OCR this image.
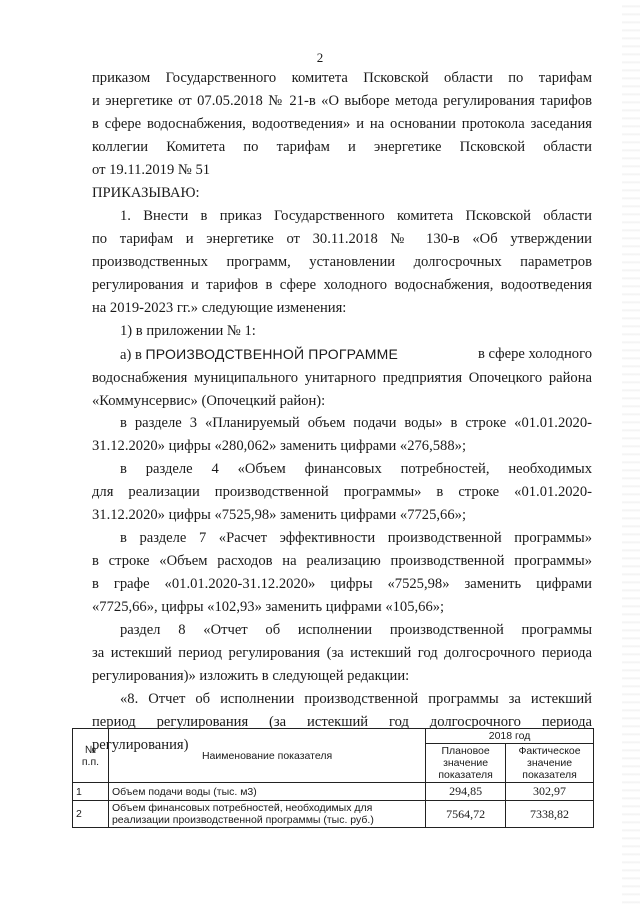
2
приказом Государственного комитета Псковской области по тарифам
и энергетике от 07.05.2018 № 21-в «О выборе метода регулирования тарифов
в сфере водоснабжения, водоотведения» и на основании протокола заседания
коллегии Комитета по тарифам и энергетике Псковской области
от 19.11.2019 № 51
ПРИКАЗЫВАЮ:
1. Внести в приказ Государственного комитета Псковской области
по тарифам и энергетике от 30.11.2018 № 130-в «Об утверждении
производственных программ, установлении долгосрочных параметров
регулирования и тарифов в сфере холодного водоснабжения, водоотведения
на 2019-2023 гг.» следующие изменения:
1) в приложении № 1:
а) в ПРОИЗВОДСТВЕННОЙ ПРОГРАММЕ	в сфере холодного
водоснабжения муниципального унитарного предприятия Опочецкого района
«Коммунсервис» (Опочецкий район):
в разделе 3 «Планируемый объем подачи воды» в строке «01.01.2020-
31.12.2020» цифры «280,062» заменить цифрами «276,588»;
в разделе 4 «Объем финансовых потребностей, необходимых
для реализации производственной программы» в строке «01.01.2020-
31.12.2020» цифры «7525,98» заменить цифрами «7725,66»;
в разделе 7 «Расчет эффективности производственной программы»
в строке «Объем расходов на реализацию производственной программы»
в графе «01.01.2020-31.12.2020» цифры «7525,98» заменить цифрами
«7725,66», цифры «102,93» заменить цифрами «105,66»;
раздел 8 «Отчет об исполнении производственной программы
за истекший период регулирования (за истекший год долгосрочного периода
регулирования)» изложить в следующей редакции:
«8. Отчет об исполнении производственной программы за истекший
период регулирования (за истекший год долгосрочного периода
регулирования)
№ п.п.	Наименование показателя	2018 год	
		Плановое значение показателя	Фактическое значение показателя
1	Объем подачи воды (тыс. м3)	294,85	302,97
2	Объем финансовых потребностей, необходимых для реализации производственной программы (тыс. руб.)	7564,72	7338,82
